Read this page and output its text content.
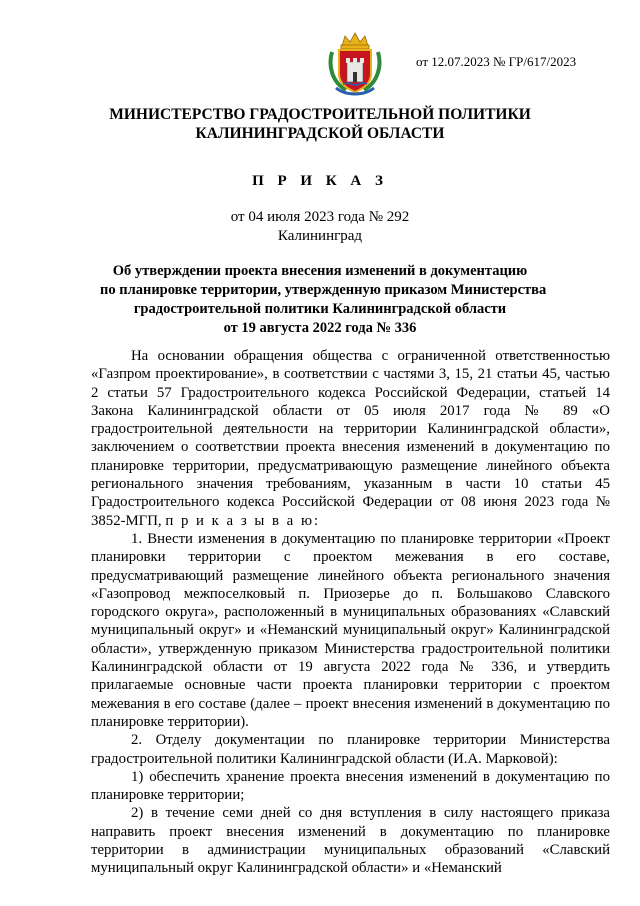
от 12.07.2023 № ГР/617/2023
МИНИСТЕРСТВО ГРАДОСТРОИТЕЛЬНОЙ ПОЛИТИКИ
КАЛИНИНГРАДСКОЙ ОБЛАСТИ
П Р И К А З
от 04 июля 2023 года № 292
Калининград
Об утверждении проекта внесения изменений в документацию
по планировке территории, утвержденную приказом Министерства
градостроительной политики Калининградской области
от 19 августа 2022 года № 336

На основании обращения общества с ограниченной ответственностью «Газпром проектирование», в соответствии с частями 3, 15, 21 статьи 45, частью 2 статьи 57 Градостроительного кодекса Российской Федерации, статьей 14 Закона Калининградской области от 05 июля 2017 года № 89 «О градостроительной деятельности на территории Калининградской области», заключением о соответствии проекта внесения изменений в документацию по планировке территории, предусматривающую размещение линейного объекта регионального значения требованиям, указанным в части 10 статьи 45 Градостроительного кодекса Российской Федерации от 08 июня 2023 года № 3852-МГП, п р и к а з ы в а ю:

1. Внести изменения в документацию по планировке территории «Проект планировки территории с проектом межевания в его составе, предусматривающий размещение линейного объекта регионального значения «Газопровод межпоселковый п. Приозерье до п. Большаково Славского городского округа», расположенный в муниципальных образованиях «Славский муниципальный округ» и «Неманский муниципальный округ» Калининградской области», утвержденную приказом Министерства градостроительной политики Калининградской области от 19 августа 2022 года № 336, и утвердить прилагаемые основные части проекта планировки территории с проектом межевания в его составе (далее – проект внесения изменений в документацию по планировке территории).

2. Отделу документации по планировке территории Министерства градостроительной политики Калининградской области (И.А. Марковой):

1) обеспечить хранение проекта внесения изменений в документацию по планировке территории;

2) в течение семи дней со дня вступления в силу настоящего приказа направить проект внесения изменений в документацию по планировке территории в администрации муниципальных образований «Славский муниципальный округ Калининградской области» и «Неманский
